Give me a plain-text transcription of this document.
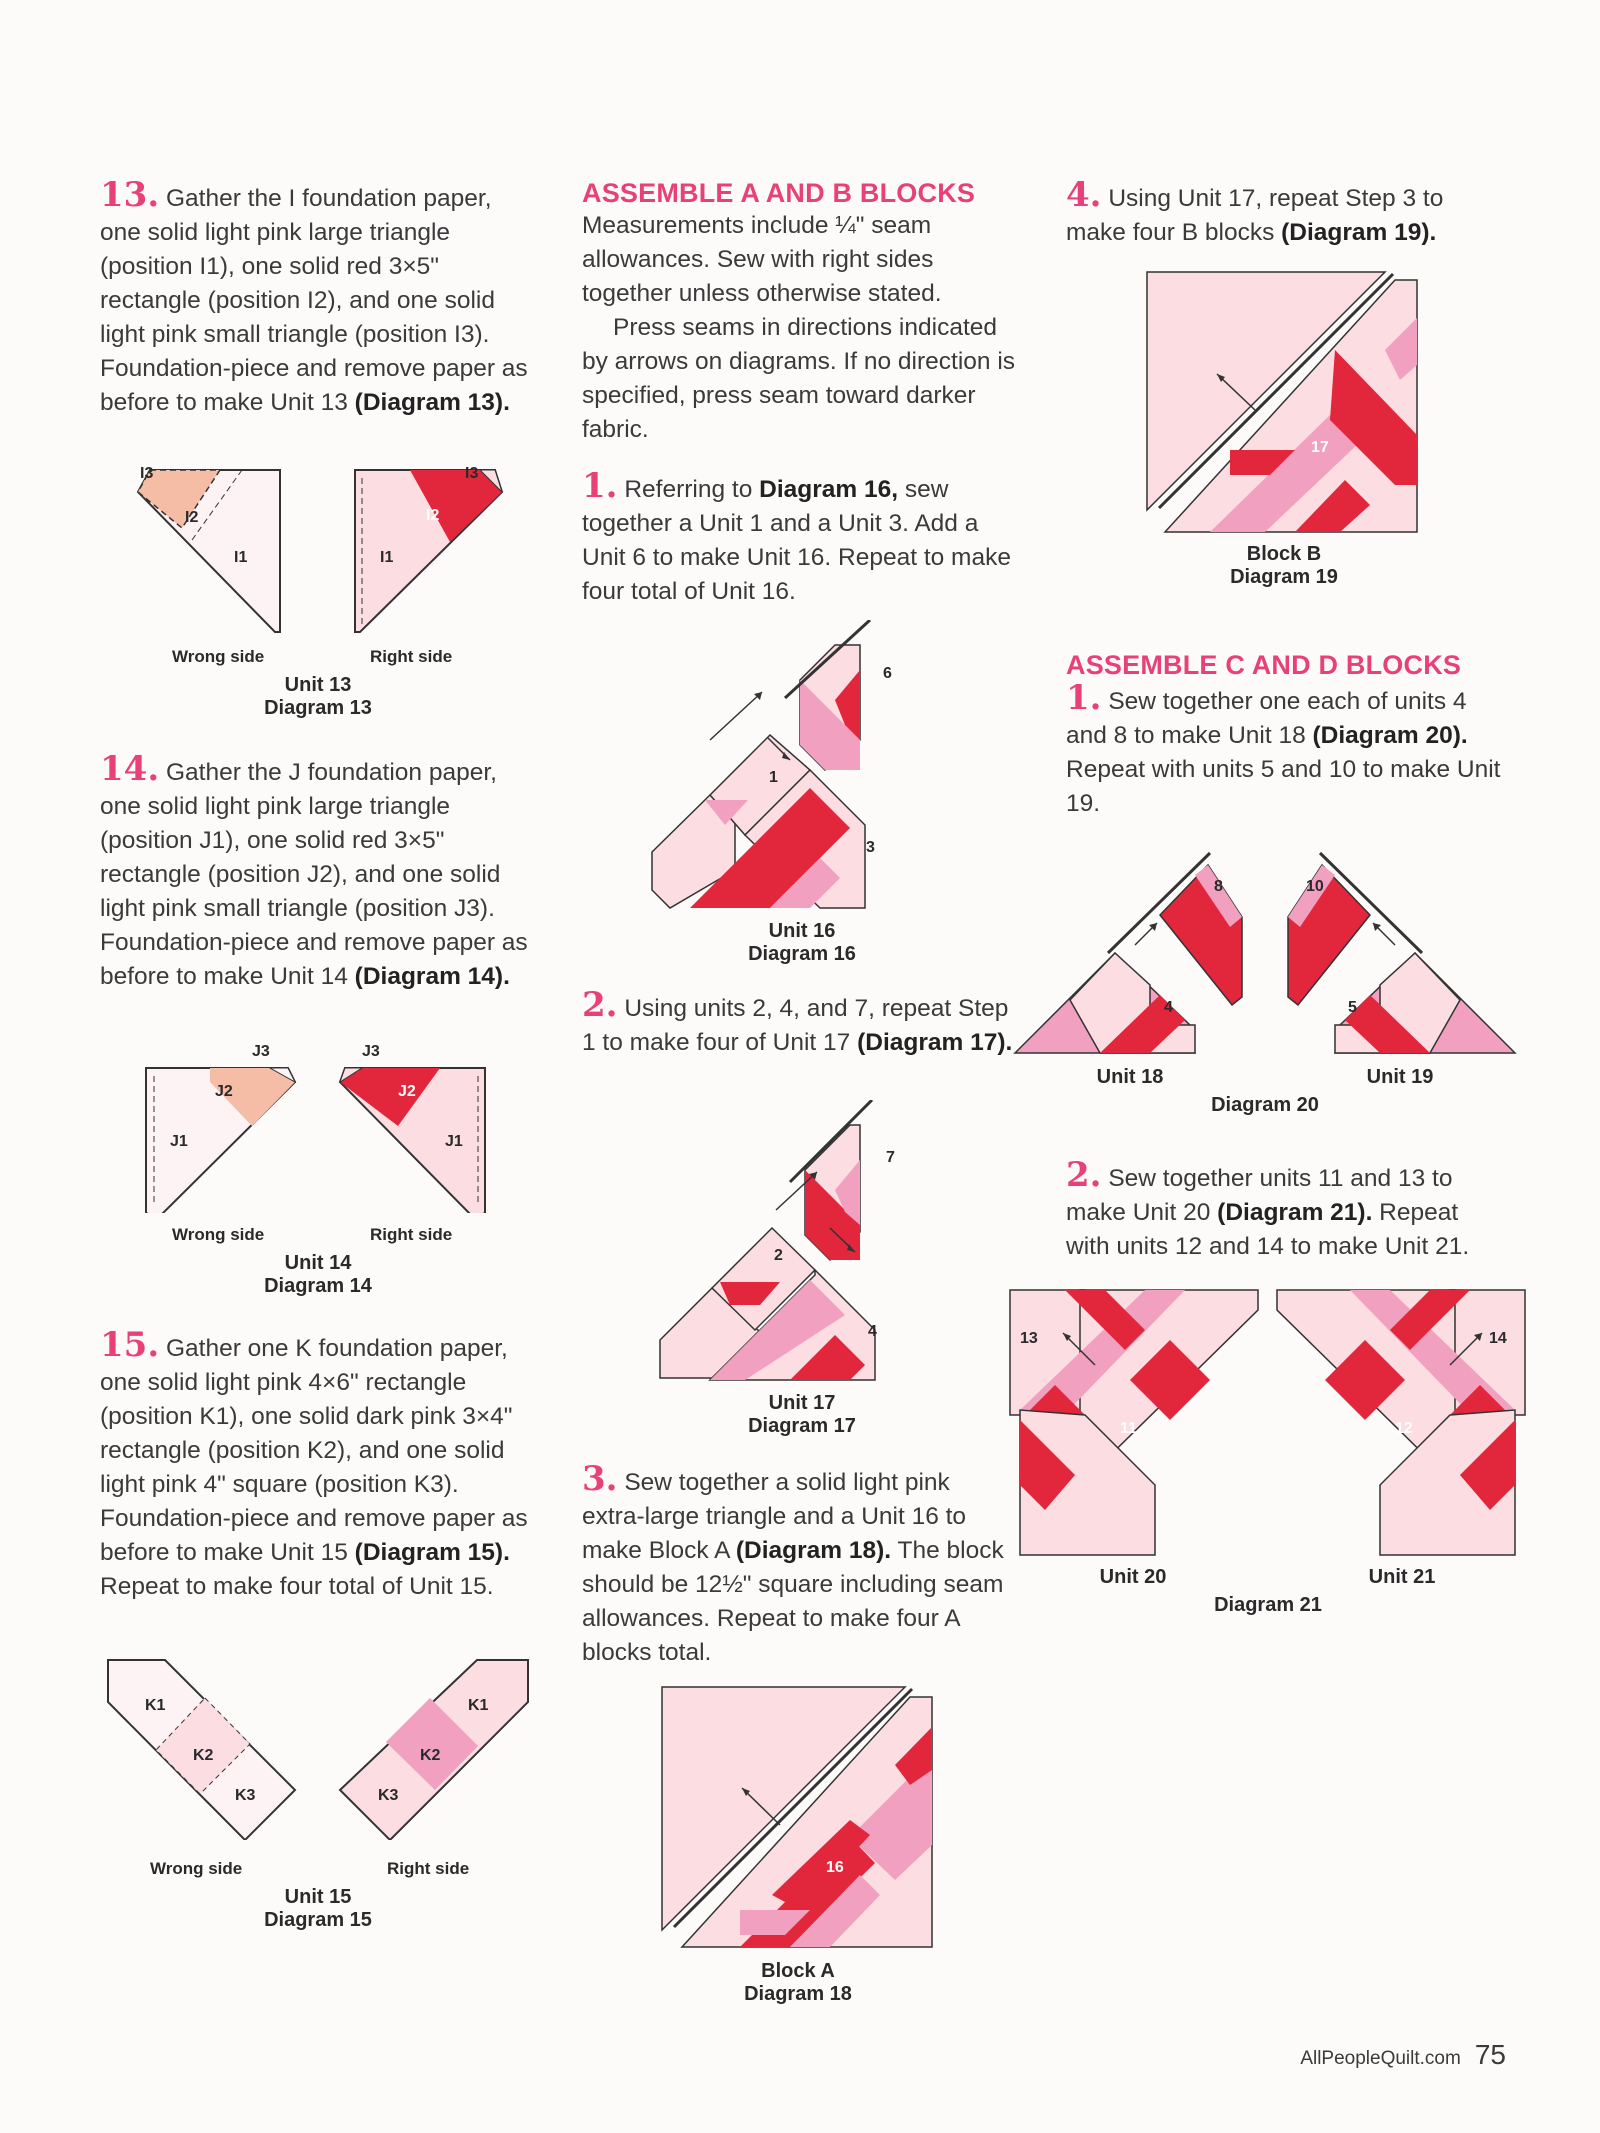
13. Gather the I foundation paper, one solid light pink large triangle (position I1), one solid red 3×5" rectangle (position I2), and one solid light pink small triangle (position I3). Foundation-piece and remove paper as before to make Unit 13 (Diagram 13).

I3
I2
I1
I3
I2
I1
Wrong side	Right side
Unit 13
Diagram 13

14. Gather the J foundation paper, one solid light pink large triangle (position J1), one solid red 3×5" rectangle (position J2), and one solid light pink small triangle (position J3). Foundation-piece and remove paper as before to make Unit 14 (Diagram 14).

J3
J2
J1
J3
J2
J1
Wrong side	Right side
Unit 14
Diagram 14

15. Gather one K foundation paper, one solid light pink 4×6" rectangle (position K1), one solid dark pink 3×4" rectangle (position K2), and one solid light pink 4" square (position K3). Foundation-piece and remove paper as before to make Unit 15 (Diagram 15). Repeat to make four total of Unit 15.

K1
K2
K3
K1
K2
K3
Wrong side	Right side
Unit 15
Diagram 15
ASSEMBLE A AND B BLOCKS

Measurements include ¼" seam allowances. Sew with right sides together unless otherwise stated.

Press seams in directions indicated by arrows on diagrams. If no direction is specified, press seam toward darker fabric.

1. Referring to Diagram 16, sew together a Unit 1 and a Unit 3. Add a Unit 6 to make Unit 16. Repeat to make four total of Unit 16.

1
3
6
Unit 16
Diagram 16

2. Using units 2, 4, and 7, repeat Step 1 to make four of Unit 17 (Diagram 17).

2
4
7
Unit 17
Diagram 17

3. Sew together a solid light pink extra-large triangle and a Unit 16 to make Block A (Diagram 18). The block should be 12½" square including seam allowances. Repeat to make four A blocks total.

16
Block A
Diagram 18

4. Using Unit 17, repeat Step 3 to make four B blocks (Diagram 19).

17
Block B
Diagram 19
ASSEMBLE C AND D BLOCKS

1. Sew together one each of units 4 and 8 to make Unit 18 (Diagram 20). Repeat with units 5 and 10 to make Unit 19.

4
8
5
10
Unit 18	Unit 19
Diagram 20

2. Sew together units 11 and 13 to make Unit 20 (Diagram 21). Repeat with units 12 and 14 to make Unit 21.

13
11
14
12
Unit 20	Unit 21
Diagram 21
AllPeopleQuilt.com 75
